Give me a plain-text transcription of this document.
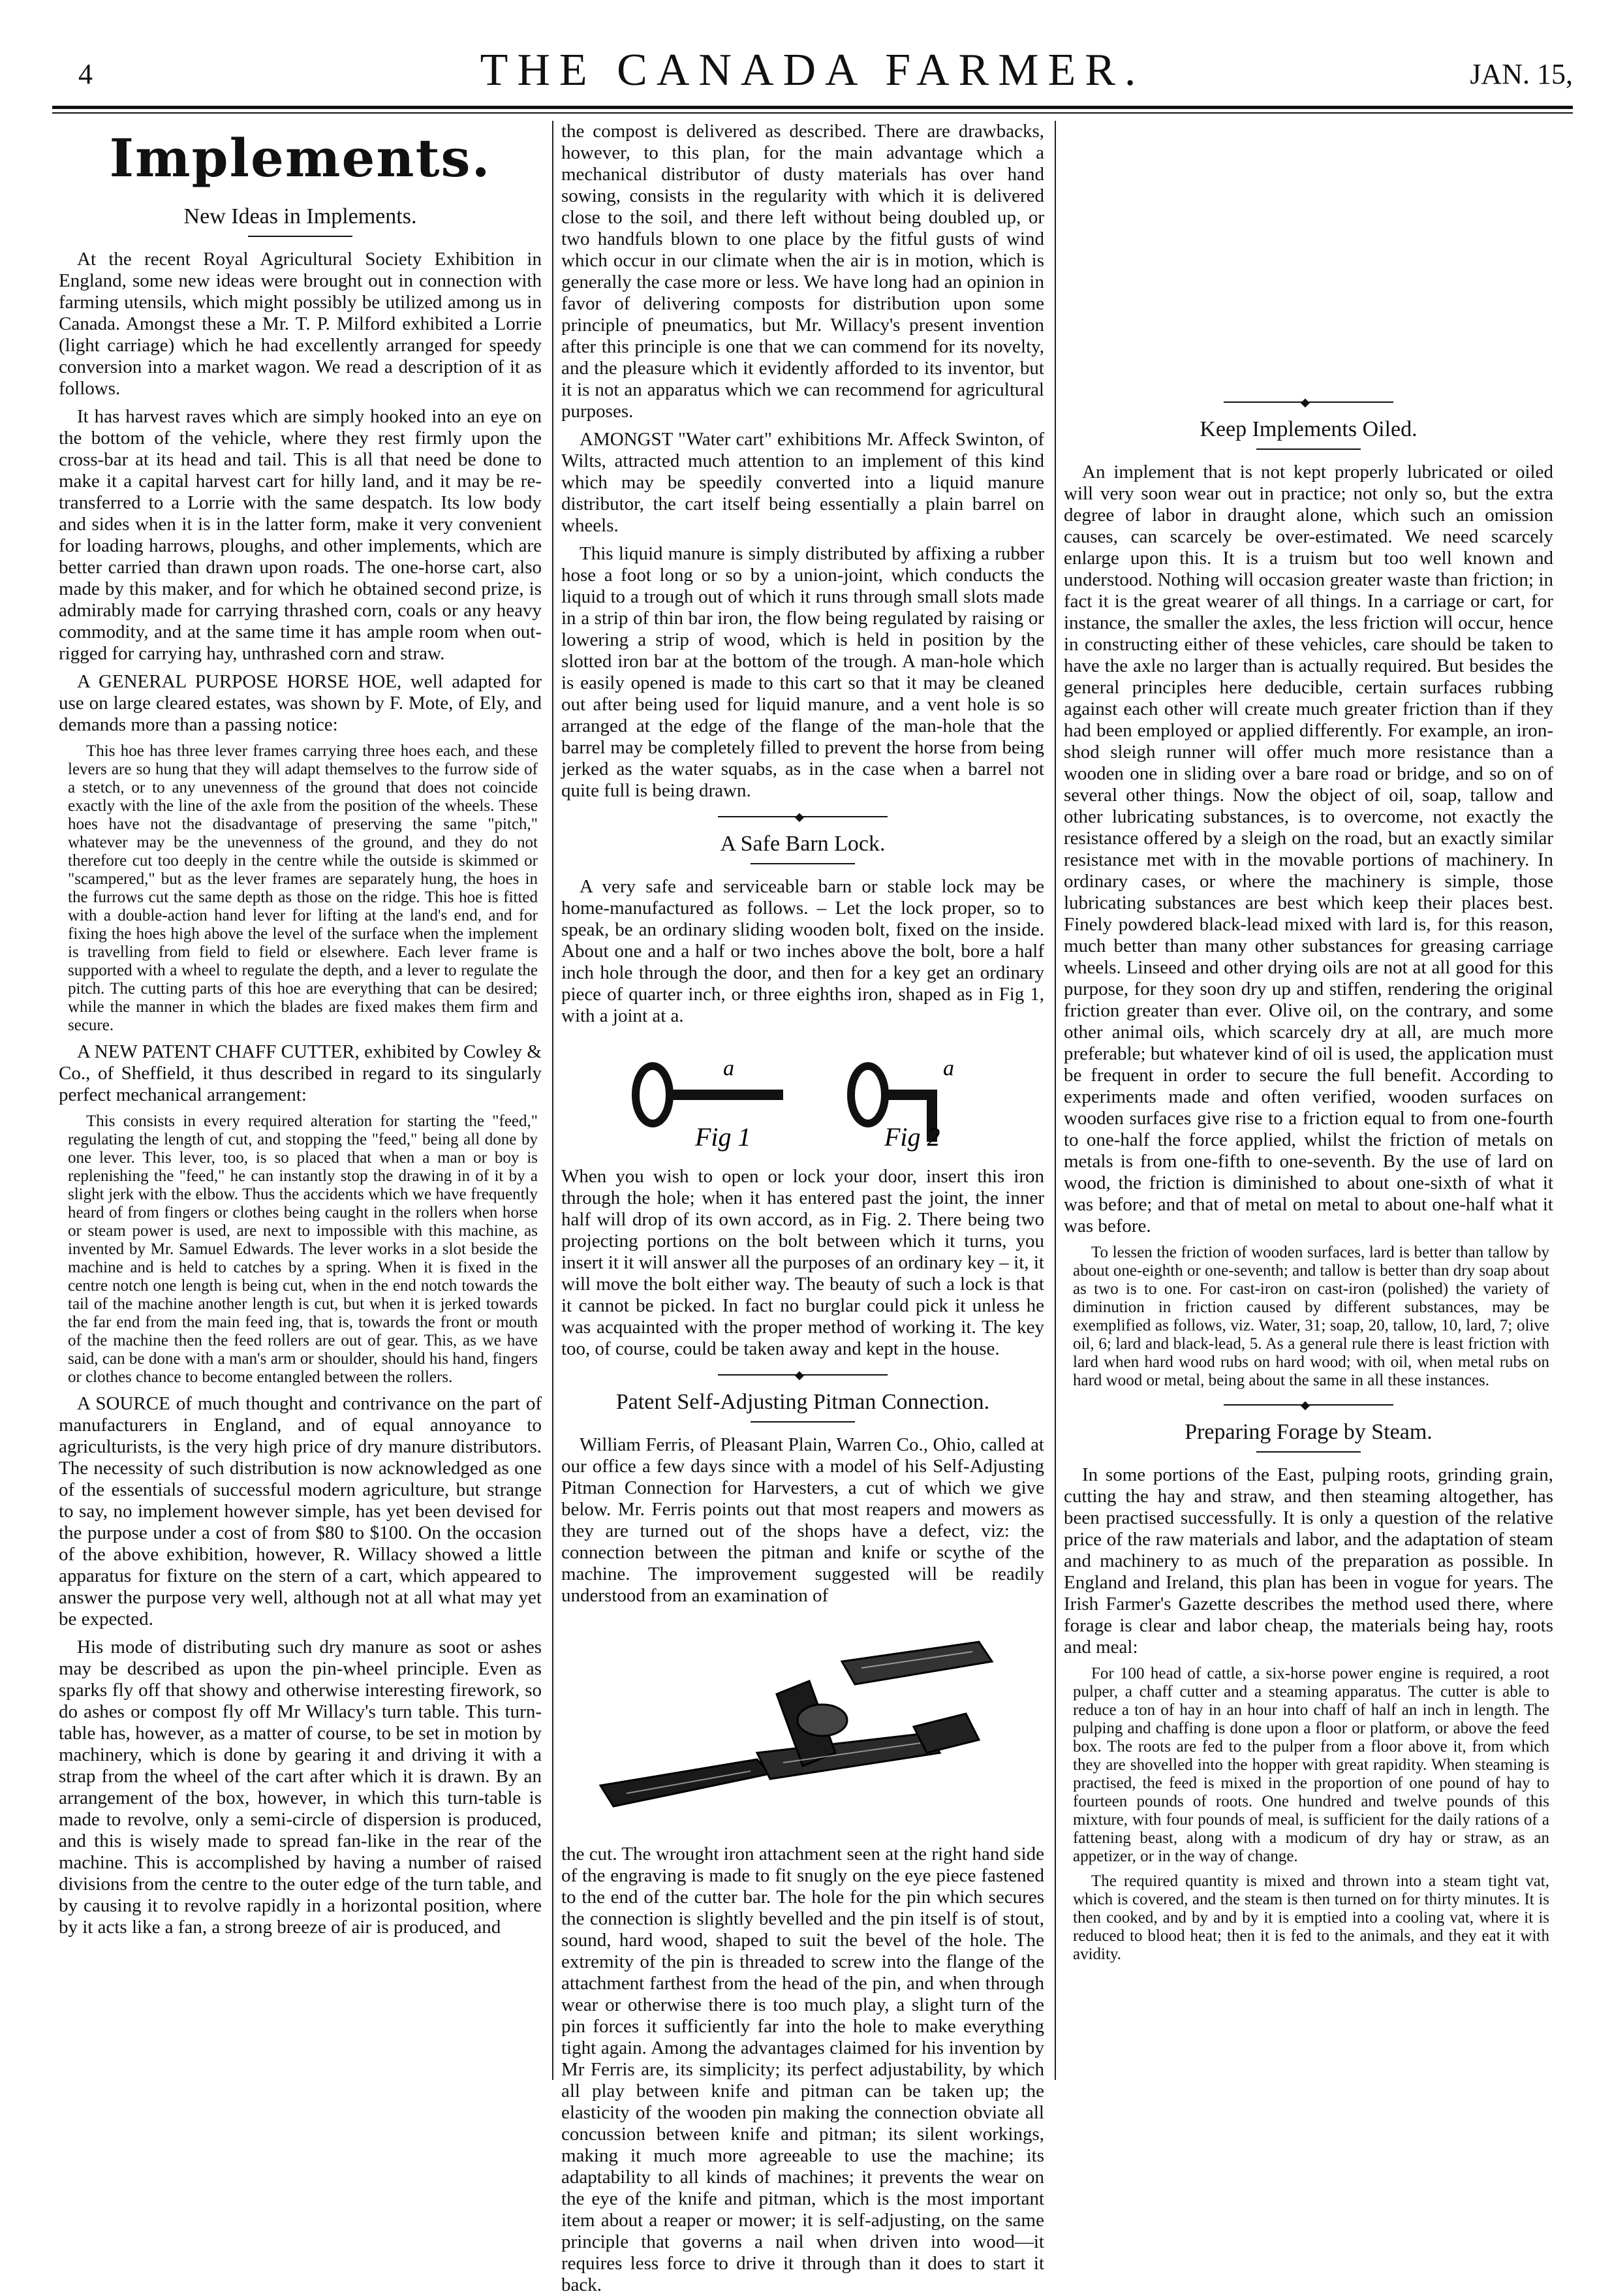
4	THE CANADA FARMER.	JAN. 15,
Implements.
New Ideas in Implements.

At the recent Royal Agricultural Society Exhibition in England, some new ideas were brought out in connection with farming utensils, which might possibly be utilized among us in Canada. Amongst these a Mr. T. P. Milford exhibited a Lorrie (light carriage) which he had excellently arranged for speedy conversion into a market wagon. We read a description of it as follows.

It has harvest raves which are simply hooked into an eye on the bottom of the vehicle, where they rest firmly upon the cross-bar at its head and tail. This is all that need be done to make it a capital harvest cart for hilly land, and it may be re-transferred to a Lorrie with the same despatch. Its low body and sides when it is in the latter form, make it very convenient for loading harrows, ploughs, and other implements, which are better carried than drawn upon roads. The one-horse cart, also made by this maker, and for which he obtained second prize, is admirably made for carrying thrashed corn, coals or any heavy commodity, and at the same time it has ample room when out-rigged for carrying hay, unthrashed corn and straw.

A GENERAL PURPOSE HORSE HOE, well adapted for use on large cleared estates, was shown by F. Mote, of Ely, and demands more than a passing notice:

This hoe has three lever frames carrying three hoes each, and these levers are so hung that they will adapt themselves to the furrow side of a stetch, or to any unevenness of the ground that does not coincide exactly with the line of the axle from the position of the wheels. These hoes have not the disadvantage of preserving the same "pitch," whatever may be the unevenness of the ground, and they do not therefore cut too deeply in the centre while the outside is skimmed or "scampered," but as the lever frames are separately hung, the hoes in the furrows cut the same depth as those on the ridge. This hoe is fitted with a double-action hand lever for lifting at the land's end, and for fixing the hoes high above the level of the surface when the implement is travelling from field to field or elsewhere. Each lever frame is supported with a wheel to regulate the depth, and a lever to regulate the pitch. The cutting parts of this hoe are everything that can be desired; while the manner in which the blades are fixed makes them firm and secure.

A NEW PATENT CHAFF CUTTER, exhibited by Cowley & Co., of Sheffield, it thus described in regard to its singularly perfect mechanical arrangement:

This consists in every required alteration for starting the "feed," regulating the length of cut, and stopping the "feed," being all done by one lever. This lever, too, is so placed that when a man or boy is replenishing the "feed," he can instantly stop the drawing in of it by a slight jerk with the elbow. Thus the accidents which we have frequently heard of from fingers or clothes being caught in the rollers when horse or steam power is used, are next to impossible with this machine, as invented by Mr. Samuel Edwards. The lever works in a slot beside the machine and is held to catches by a spring. When it is fixed in the centre notch one length is being cut, when in the end notch towards the tail of the machine another length is cut, but when it is jerked towards the far end from the main feed ing, that is, towards the front or mouth of the machine then the feed rollers are out of gear. This, as we have said, can be done with a man's arm or shoulder, should his hand, fingers or clothes chance to become entangled between the rollers.

A SOURCE of much thought and contrivance on the part of manufacturers in England, and of equal annoyance to agriculturists, is the very high price of dry manure distributors. The necessity of such distribution is now acknowledged as one of the essentials of successful modern agriculture, but strange to say, no implement however simple, has yet been devised for the purpose under a cost of from $80 to $100. On the occasion of the above exhibition, however, R. Willacy showed a little apparatus for fixture on the stern of a cart, which appeared to answer the purpose very well, although not at all what may yet be expected.

His mode of distributing such dry manure as soot or ashes may be described as upon the pin-wheel principle. Even as sparks fly off that showy and otherwise interesting firework, so do ashes or compost fly off Mr Willacy's turn table. This turn-table has, however, as a matter of course, to be set in motion by machinery, which is done by gearing it and driving it with a strap from the wheel of the cart after which it is drawn. By an arrangement of the box, however, in which this turn-table is made to revolve, only a semi-circle of dispersion is produced, and this is wisely made to spread fan-like in the rear of the machine. This is accomplished by having a number of raised divisions from the centre to the outer edge of the turn table, and by causing it to revolve rapidly in a horizontal position, where by it acts like a fan, a strong breeze of air is produced, and

the compost is delivered as described. There are drawbacks, however, to this plan, for the main advantage which a mechanical distributor of dusty materials has over hand sowing, consists in the regularity with which it is delivered close to the soil, and there left without being doubled up, or two handfuls blown to one place by the fitful gusts of wind which occur in our climate when the air is in motion, which is generally the case more or less. We have long had an opinion in favor of delivering composts for distribution upon some principle of pneumatics, but Mr. Willacy's present invention after this principle is one that we can commend for its novelty, and the pleasure which it evidently afforded to its inventor, but it is not an apparatus which we can recommend for agricultural purposes.

AMONGST "Water cart" exhibitions Mr. Affeck Swinton, of Wilts, attracted much attention to an implement of this kind which may be speedily converted into a liquid manure distributor, the cart itself being essentially a plain barrel on wheels.

This liquid manure is simply distributed by affixing a rubber hose a foot long or so by a union-joint, which conducts the liquid to a trough out of which it runs through small slots made in a strip of thin bar iron, the flow being regulated by raising or lowering a strip of wood, which is held in position by the slotted iron bar at the bottom of the trough. A man-hole which is easily opened is made to this cart so that it may be cleaned out after being used for liquid manure, and a vent hole is so arranged at the edge of the flange of the man-hole that the barrel may be completely filled to prevent the horse from being jerked as the water squabs, as in the case when a barrel not quite full is being drawn.

◆
A Safe Barn Lock.

A very safe and serviceable barn or stable lock may be home-manufactured as follows. – Let the lock proper, so to speak, be an ordinary sliding wooden bolt, fixed on the inside. About one and a half or two inches above the bolt, bore a half inch hole through the door, and then for a key get an ordinary piece of quarter inch, or three eighths iron, shaped as in Fig 1, with a joint at a.

a
Fig 1
a
Fig 2

When you wish to open or lock your door, insert this iron through the hole; when it has entered past the joint, the inner half will drop of its own accord, as in Fig. 2. There being two projecting portions on the bolt between which it turns, you insert it it will answer all the purposes of an ordinary key – it, it will move the bolt either way. The beauty of such a lock is that it cannot be picked. In fact no burglar could pick it unless he was acquainted with the proper method of working it. The key too, of course, could be taken away and kept in the house.

◆
Patent Self-Adjusting Pitman Connection.

William Ferris, of Pleasant Plain, Warren Co., Ohio, called at our office a few days since with a model of his Self-Adjusting Pitman Connection for Harvesters, a cut of which we give below. Mr. Ferris points out that most reapers and mowers as they are turned out of the shops have a defect, viz: the connection between the pitman and knife or scythe of the machine. The improvement suggested will be readily understood from an examination of

the cut. The wrought iron attachment seen at the right hand side of the engraving is made to fit snugly on the eye piece fastened to the end of the cutter bar. The hole for the pin which secures the connection is slightly bevelled and the pin itself is of stout, sound, hard wood, shaped to suit the bevel of the hole. The extremity of the pin is threaded to screw into the flange of the attachment farthest from the head of the pin, and when through wear or otherwise there is too much play, a slight turn of the pin forces it sufficiently far into the hole to make everything tight again. Among the advantages claimed for his invention by Mr Ferris are, its simplicity; its perfect adjustability, by which all play between knife and pitman can be taken up; the elasticity of the wooden pin making the connection obviate all concussion between knife and pitman; its silent workings, making it much more agreeable to use the machine; its adaptability to all kinds of machines; it prevents the wear on the eye of the knife and pitman, which is the most important item about a reaper or mower; it is self-adjusting, on the same principle that governs a nail when driven into wood—it requires less force to drive it through than it does to start it back.

◆
Keep Implements Oiled.

An implement that is not kept properly lubricated or oiled will very soon wear out in practice; not only so, but the extra degree of labor in draught alone, which such an omission causes, can scarcely be over-estimated. We need scarcely enlarge upon this. It is a truism but too well known and understood. Nothing will occasion greater waste than friction; in fact it is the great wearer of all things. In a carriage or cart, for instance, the smaller the axles, the less friction will occur, hence in constructing either of these vehicles, care should be taken to have the axle no larger than is actually required. But besides the general principles here deducible, certain surfaces rubbing against each other will create much greater friction than if they had been employed or applied differently. For example, an iron-shod sleigh runner will offer much more resistance than a wooden one in sliding over a bare road or bridge, and so on of several other things. Now the object of oil, soap, tallow and other lubricating substances, is to overcome, not exactly the resistance offered by a sleigh on the road, but an exactly similar resistance met with in the movable portions of machinery. In ordinary cases, or where the machinery is simple, those lubricating substances are best which keep their places best. Finely powdered black-lead mixed with lard is, for this reason, much better than many other substances for greasing carriage wheels. Linseed and other drying oils are not at all good for this purpose, for they soon dry up and stiffen, rendering the original friction greater than ever. Olive oil, on the contrary, and some other animal oils, which scarcely dry at all, are much more preferable; but whatever kind of oil is used, the application must be frequent in order to secure the full benefit. According to experiments made and often verified, wooden surfaces on wooden surfaces give rise to a friction equal to from one-fourth to one-half the force applied, whilst the friction of metals on metals is from one-fifth to one-seventh. By the use of lard on wood, the friction is diminished to about one-sixth of what it was before; and that of metal on metal to about one-half what it was before.

To lessen the friction of wooden surfaces, lard is better than tallow by about one-eighth or one-seventh; and tallow is better than dry soap about as two is to one. For cast-iron on cast-iron (polished) the variety of diminution in friction caused by different substances, may be exemplified as follows, viz. Water, 31; soap, 20, tallow, 10, lard, 7; olive oil, 6; lard and black-lead, 5. As a general rule there is least friction with lard when hard wood rubs on hard wood; with oil, when metal rubs on hard wood or metal, being about the same in all these instances.

◆
Preparing Forage by Steam.

In some portions of the East, pulping roots, grinding grain, cutting the hay and straw, and then steaming altogether, has been practised successfully. It is only a question of the relative price of the raw materials and labor, and the adaptation of steam and machinery to as much of the preparation as possible. In England and Ireland, this plan has been in vogue for years. The Irish Farmer's Gazette describes the method used there, where forage is clear and labor cheap, the materials being hay, roots and meal:

For 100 head of cattle, a six-horse power engine is required, a root pulper, a chaff cutter and a steaming apparatus. The cutter is able to reduce a ton of hay in an hour into chaff of half an inch in length. The pulping and chaffing is done upon a floor or platform, or above the feed box. The roots are fed to the pulper from a floor above it, from which they are shovelled into the hopper with great rapidity. When steaming is practised, the feed is mixed in the proportion of one pound of hay to fourteen pounds of roots. One hundred and twelve pounds of this mixture, with four pounds of meal, is sufficient for the daily rations of a fattening beast, along with a modicum of dry hay or straw, as an appetizer, or in the way of change.

The required quantity is mixed and thrown into a steam tight vat, which is covered, and the steam is then turned on for thirty minutes. It is then cooked, and by and by it is emptied into a cooling vat, where it is reduced to blood heat; then it is fed to the animals, and they eat it with avidity.
